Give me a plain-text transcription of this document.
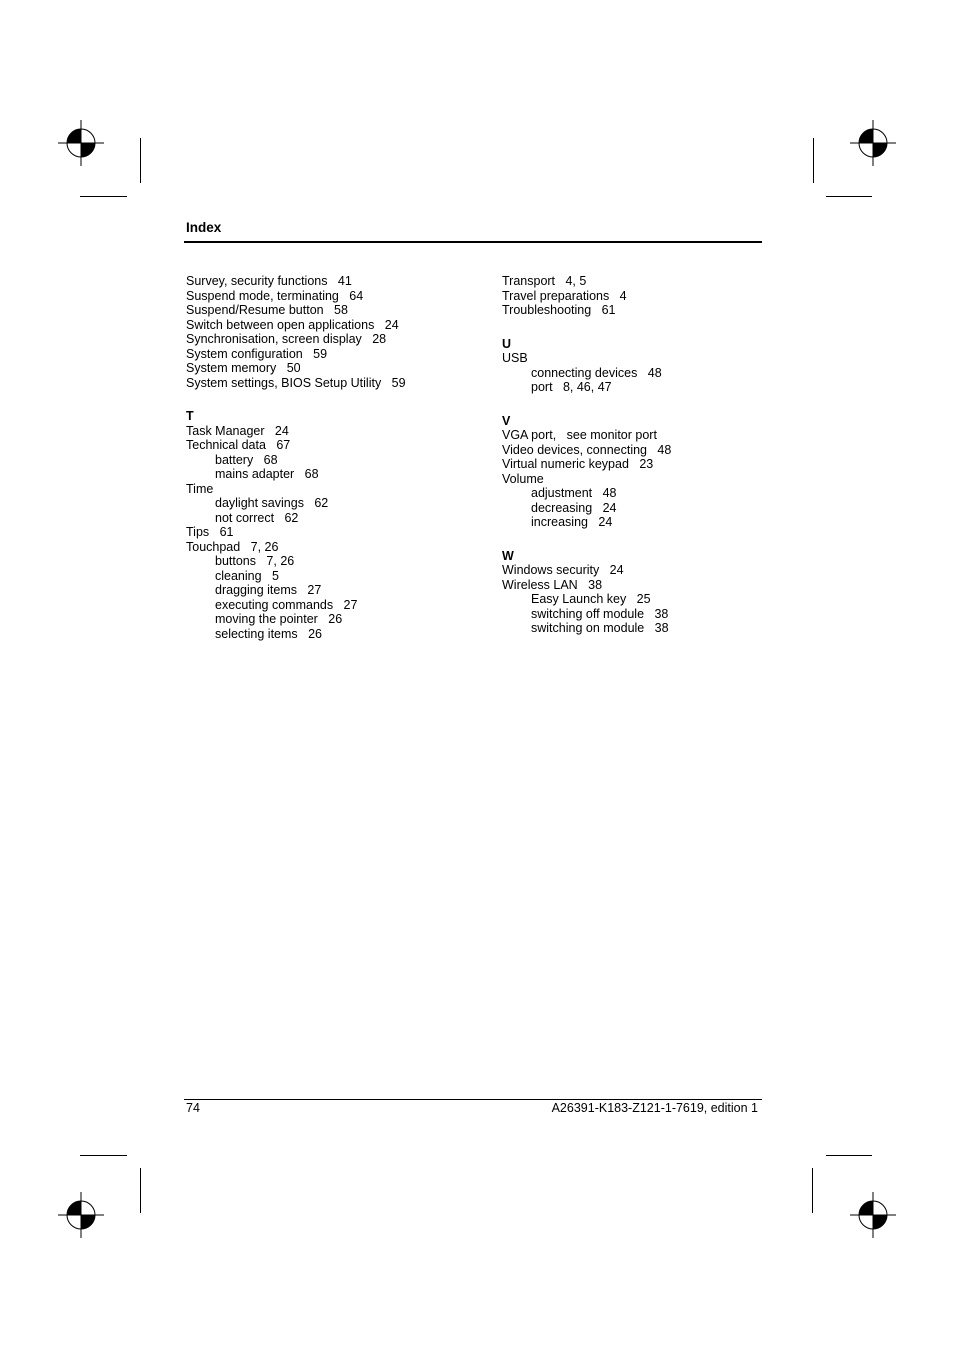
Index
Survey, security functions   41
Suspend mode, terminating   64
Suspend/Resume button   58
Switch between open applications   24
Synchronisation, screen display   28
System configuration   59
System memory   50
System settings, BIOS Setup Utility   59
T
Task Manager   24
Technical data   67
battery   68
mains adapter   68
Time
daylight savings   62
not correct   62
Tips   61
Touchpad   7, 26
buttons   7, 26
cleaning   5
dragging items   27
executing commands   27
moving the pointer   26
selecting items   26
Transport   4, 5
Travel preparations   4
Troubleshooting   61
U
USB
connecting devices   48
port   8, 46, 47
V
VGA port,   see monitor port
Video devices, connecting   48
Virtual numeric keypad   23
Volume
adjustment   48
decreasing   24
increasing   24
W
Windows security   24
Wireless LAN   38
Easy Launch key   25
switching off module   38
switching on module   38
74	A26391-K183-Z121-1-7619, edition 1
